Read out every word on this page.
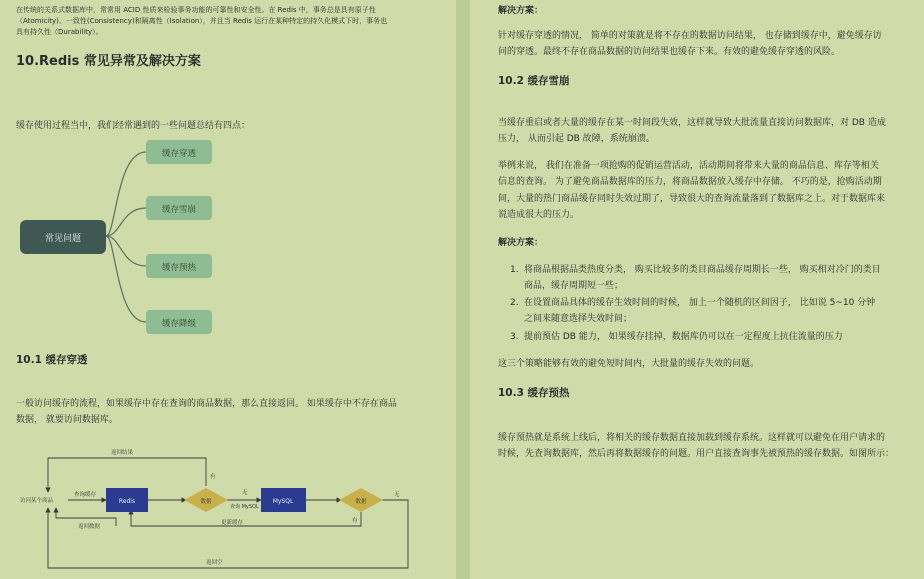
在传统的关系式数据库中，常常用 ACID 性质来检验事务功能的可靠性和安全性。在 Redis 中，事务总是具有原子性
（Atomicity)、一致性(Consistency)和隔离性（Isolation），并且当 Redis 运行在某种特定的持久化模式下时，事务也
具有持久性（Durability）。
10.Redis 常见异常及解决方案
缓存使用过程当中，我们经常遇到的一些问题总结有四点：
常见问题
缓存穿透
缓存雪崩
缓存预热
缓存降级
10.1 缓存穿透
一般访问缓存的流程，如果缓存中存在查询的商品数据，那么直接返回。 如果缓存中不存在商品
数据， 就要访问数据库。
返回结果
有
访问某个商品
查询缓存
Redis	数据
无
查询 MySQL
MySQL	数据
无
有
返回数据
更新缓存
返回空
解决方案：
针对缓存穿透的情况， 简单的对策就是将不存在的数据访问结果， 也存储到缓存中，避免缓存访
问的穿透。最终不存在商品数据的访问结果也缓存下来。有效的避免缓存穿透的风险。
10.2 缓存雪崩
当缓存重启或者大量的缓存在某一时间段失效，这样就导致大批流量直接访问数据库，对 DB 造成
压力， 从而引起 DB 故障，系统崩溃。
举例来说， 我们在准备一项抢购的促销运营活动，活动期间将带来大量的商品信息、库存等相关
信息的查询。 为了避免商品数据库的压力，将商品数据放入缓存中存储。 不巧的是，抢购活动期
间，大量的热门商品缓存同时失效过期了，导致很大的查询流量落到了数据库之上。对于数据库来
说造成很大的压力。
解决方案：
1. 将商品根据品类热度分类， 购买比较多的类目商品缓存周期长一些， 购买相对冷门的类目
商品，缓存周期短一些；
2. 在设置商品具体的缓存生效时间的时候， 加上一个随机的区间因子， 比如说 5~10 分钟
之间来随意选择失效时间；
3. 提前预估 DB 能力， 如果缓存挂掉，数据库仍可以在一定程度上抗住流量的压力
这三个策略能够有效的避免短时间内，大批量的缓存失效的问题。
10.3 缓存预热
缓存预热就是系统上线后，将相关的缓存数据直接加载到缓存系统。这样就可以避免在用户请求的
时候，先查询数据库，然后再将数据缓存的问题。用户直接查询事先被预热的缓存数据。如图所示：
